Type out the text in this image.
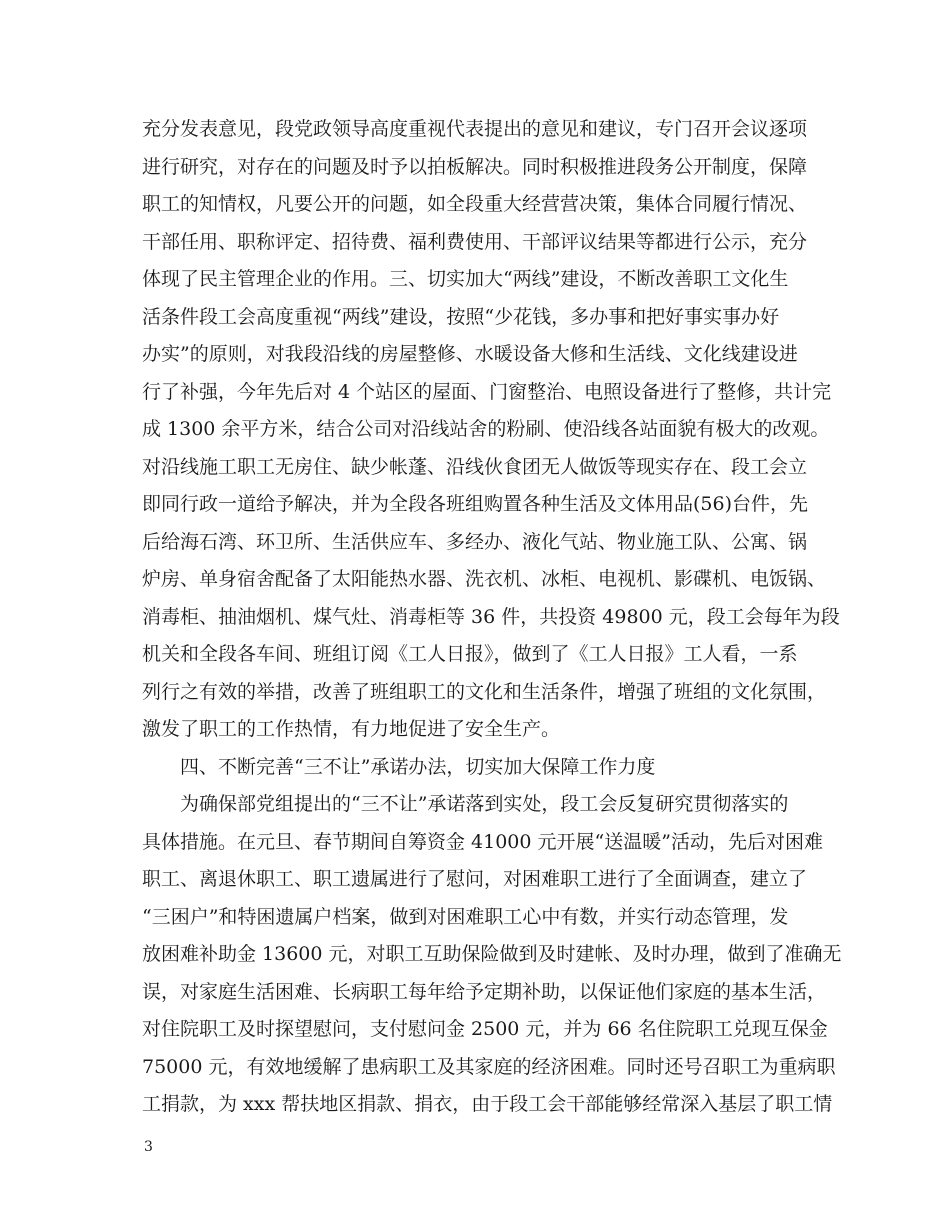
充分发表意见，段党政领导高度重视代表提出的意见和建议，专门召开会议逐项
进行研究，对存在的问题及时予以拍板解决。同时积极推进段务公开制度，保障
职工的知情权，凡要公开的问题，如全段重大经营营决策，集体合同履行情况、
干部任用、职称评定、招待费、福利费使用、干部评议结果等都进行公示，充分
体现了民主管理企业的作用。三、切实加大“两线”建设，不断改善职工文化生
活条件段工会高度重视“两线”建设，按照“少花钱，多办事和把好事实事办好
办实”的原则，对我段沿线的房屋整修、水暖设备大修和生活线、文化线建设进
行了补强，今年先后对 4 个站区的屋面、门窗整治、电照设备进行了整修，共计完
成 1300 余平方米，结合公司对沿线站舍的粉刷、使沿线各站面貌有极大的改观。
对沿线施工职工无房住、缺少帐蓬、沿线伙食团无人做饭等现实存在、段工会立
即同行政一道给予解决，并为全段各班组购置各种生活及文体用品(56)台件，先
后给海石湾、环卫所、生活供应车、多经办、液化气站、物业施工队、公寓、锅
炉房、单身宿舍配备了太阳能热水器、洗衣机、冰柜、电视机、影碟机、电饭锅、
消毒柜、抽油烟机、煤气灶、消毒柜等 36 件，共投资 49800 元，段工会每年为段
机关和全段各车间、班组订阅《工人日报》，做到了《工人日报》工人看，一系
列行之有效的举措，改善了班组职工的文化和生活条件，增强了班组的文化氛围，
激发了职工的工作热情，有力地促进了安全生产。
四、不断完善“三不让”承诺办法，切实加大保障工作力度
为确保部党组提出的“三不让”承诺落到实处，段工会反复研究贯彻落实的
具体措施。在元旦、春节期间自筹资金 41000 元开展“送温暖”活动，先后对困难
职工、离退休职工、职工遗属进行了慰问，对困难职工进行了全面调查，建立了
“三困户”和特困遗属户档案，做到对困难职工心中有数，并实行动态管理，发
放困难补助金 13600 元，对职工互助保险做到及时建帐、及时办理，做到了准确无
误，对家庭生活困难、长病职工每年给予定期补助，以保证他们家庭的基本生活，
对住院职工及时探望慰问，支付慰问金 2500 元，并为 66 名住院职工兑现互保金
75000 元，有效地缓解了患病职工及其家庭的经济困难。同时还号召职工为重病职
工捐款，为 xxx 帮扶地区捐款、捐衣，由于段工会干部能够经常深入基层了职工情
3
